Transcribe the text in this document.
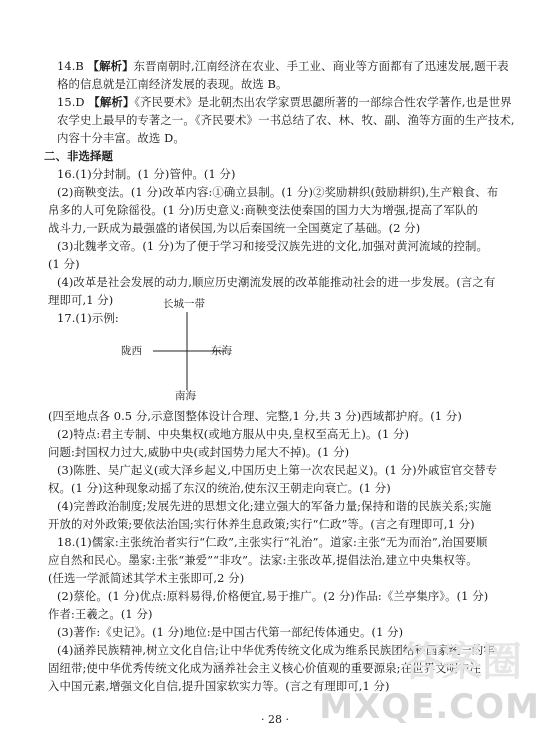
14.B 【解析】东晋南朝时,江南经济在农业、手工业、商业等方面都有了迅速发展,题干表
格的信息就是江南经济发展的表现。故选 B。
15.D 【解析】《齐民要术》是北朝杰出农学家贾思勰所著的一部综合性农学著作,也是世界
农学史上最早的专著之一。《齐民要术》一书总结了农、林、牧、副、渔等方面的生产技术,
内容十分丰富。故选 D。
二、非选择题
16.(1)分封制。(1 分)管仲。(1 分)
(2)商鞅变法。(1 分)改革内容:①确立县制。(1 分)②奖励耕织(鼓励耕织),生产粮食、布
帛多的人可免除徭役。(1 分)历史意义:商鞅变法使秦国的国力大为增强,提高了军队的
战斗力,一跃成为最强盛的诸侯国,为以后秦国统一全国奠定了基础。(2 分)
(3)北魏孝文帝。(1 分)为了便于学习和接受汉族先进的文化,加强对黄河流域的控制。
(1 分)
(4)改革是社会发展的动力,顺应历史潮流发展的改革能推动社会的进一步发展。(言之有
理即可,1 分)
17.(1)示例:
(四至地点各 0.5 分,示意图整体设计合理、完整,1 分,共 3 分)西域都护府。(1 分)
(2)特点:君主专制、中央集权(或地方服从中央,皇权至高无上)。(1 分)
问题:封国权力过大,威胁中央(或封国势力尾大不掉)。(1 分)
(3)陈胜、吴广起义(或大泽乡起义,中国历史上第一次农民起义)。(1 分)外戚宦官交替专
权。(1 分)这种现象动摇了东汉的统治,使东汉王朝走向衰亡。(1 分)
(4)完善政治制度;发展先进的思想文化;建立强大的军备力量;保持和谐的民族关系;实施
开放的对外政策;要依法治国;实行休养生息政策;实行“仁政”等。(言之有理即可,1 分)
18.(1)儒家:主张统治者实行“仁政”,主张实行“礼治”。道家:主张“无为而治”,治国要顺
应自然和民心。墨家:主张“兼爱”“非攻”。法家:主张改革,提倡法治,建立中央集权等。
(任选一学派简述其学术主张即可,2 分)
(2)蔡伦。(1 分)优点:原料易得,价格便宜,易于推广。(2 分)作品:《兰亭集序》。(1 分)
作者:王羲之。(1 分)
(3)著作:《史记》。(1 分)地位:是中国古代第一部纪传体通史。(1 分)
(4)涵养民族精神,树立文化自信;让中华优秀传统文化成为维系民族团结和国家统一的牢
固纽带;使中华优秀传统文化成为涵养社会主义核心价值观的重要源泉;在世界文明中注
入中国元素,增强文化自信,提升国家软实力等。(言之有理即可,1 分)
长城一带
陇西	东海
南海
· 28 ·
答案圈
MXQE.COM
